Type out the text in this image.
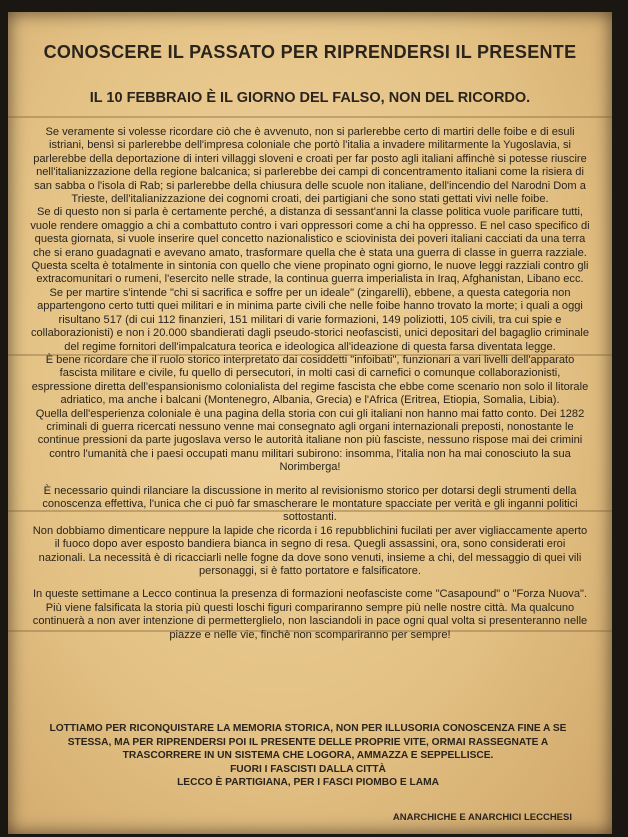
CONOSCERE IL PASSATO PER RIPRENDERSI IL PRESENTE
IL 10 FEBBRAIO È IL GIORNO DEL FALSO, NON DEL RICORDO.

Se veramente si volesse ricordare ciò che è avvenuto, non si parlerebbe certo di martiri delle foibe e di esuli istriani, bensì si parlerebbe dell'impresa coloniale che portò l'italia a invadere militarmente la Yugoslavia, si parlerebbe della deportazione di interi villaggi sloveni e croati per far posto agli italiani affinchè si potesse riuscire nell'italianizzazione della regione balcanica; si parlerebbe dei campi di concentramento italiani come la risiera di san sabba o l'isola di Rab; si parlerebbe della chiusura delle scuole non italiane, dell'incendio del Narodni Dom a Trieste, dell'italianizzazione dei cognomi croati, dei partigiani che sono stati gettati vivi nelle foibe.

Se di questo non si parla è certamente perché, a distanza di sessant'anni la classe politica vuole parificare tutti, vuole rendere omaggio a chi a combattuto contro i vari oppressori come a chi ha oppresso. E nel caso specifico di questa giornata, si vuole inserire quel concetto nazionalistico e sciovinista dei poveri italiani cacciati da una terra che si erano guadagnati e avevano amato, trasformare quella che è stata una guerra di classe in guerra razziale.

Questa scelta è totalmente in sintonia con quello che viene propinato ogni giorno, le nuove leggi razziali contro gli extracomunitari o rumeni, l'esercito nelle strade, la continua guerra imperialista in Iraq, Afghanistan, Libano ecc.

Se per martire s'intende "chi si sacrifica e soffre per un ideale" (zingarelli), ebbene, a questa categoria non appartengono certo tutti quei militari e in minima parte civili che nelle foibe hanno trovato la morte; i quali a oggi risultano 517 (di cui 112 finanzieri, 151 militari di varie formazioni, 149 poliziotti, 105 civili, tra cui spie e collaborazionisti) e non i 20.000 sbandierati dagli pseudo-storici neofascisti, unici depositari del bagaglio criminale del regime fornitori dell'impalcatura teorica e ideologica all'ideazione di questa farsa diventata legge.

È bene ricordare che il ruolo storico interpretato dai cosiddetti "infoibati", funzionari a vari livelli dell'apparato fascista militare e civile, fu quello di persecutori, in molti casi di carnefici o comunque collaborazionisti, espressione diretta dell'espansionismo colonialista del regime fascista che ebbe come scenario non solo il litorale adriatico, ma anche i balcani (Montenegro, Albania, Grecia) e l'Africa (Eritrea, Etiopia, Somalia, Libia).

Quella dell'esperienza coloniale è una pagina della storia con cui gli italiani non hanno mai fatto conto. Dei 1282 criminali di guerra ricercati nessuno venne mai consegnato agli organi internazionali preposti, nonostante le continue pressioni da parte jugoslava verso le autorità italiane non più fasciste, nessuno rispose mai dei crimini contro l'umanità che i paesi occupati manu militari subirono: insomma, l'italia non ha mai conosciuto la sua Norimberga!

È necessario quindi rilanciare la discussione in merito al revisionismo storico per dotarsi degli strumenti della conoscenza effettiva, l'unica che ci può far smascherare le montature spacciate per verità e gli inganni politici sottostanti.

Non dobbiamo dimenticare neppure la lapide che ricorda i 16 repubblichini fucilati per aver vigliaccamente aperto il fuoco dopo aver esposto bandiera bianca in segno di resa. Quegli assassini, ora, sono considerati eroi nazionali. La necessità è di ricacciarli nelle fogne da dove sono venuti, insieme a chi, del messaggio di quei vili personaggi, si è fatto portatore e falsificatore.

In queste settimane a Lecco continua la presenza di formazioni neofasciste come "Casapound" o "Forza Nuova".

Più viene falsificata la storia più questi loschi figuri compariranno sempre più nelle nostre città. Ma qualcuno continuerà a non aver intenzione di permetterglielo, non lasciandoli in pace ogni qual volta si presenteranno nelle piazze e nelle vie, finchè non scompariranno per sempre!

LOTTIAMO PER RICONQUISTARE LA MEMORIA STORICA, NON PER ILLUSORIA CONOSCENZA FINE A SE STESSA, MA PER RIPRENDERSI POI IL PRESENTE DELLE PROPRIE VITE, ORMAI RASSEGNATE A TRASCORRERE IN UN SISTEMA CHE LOGORA, AMMAZZA E SEPPELLISCE.

FUORI I FASCISTI DALLA CITTÀ

LECCO È PARTIGIANA, PER I FASCI PIOMBO E LAMA

ANARCHICHE E ANARCHICI LECCHESI
